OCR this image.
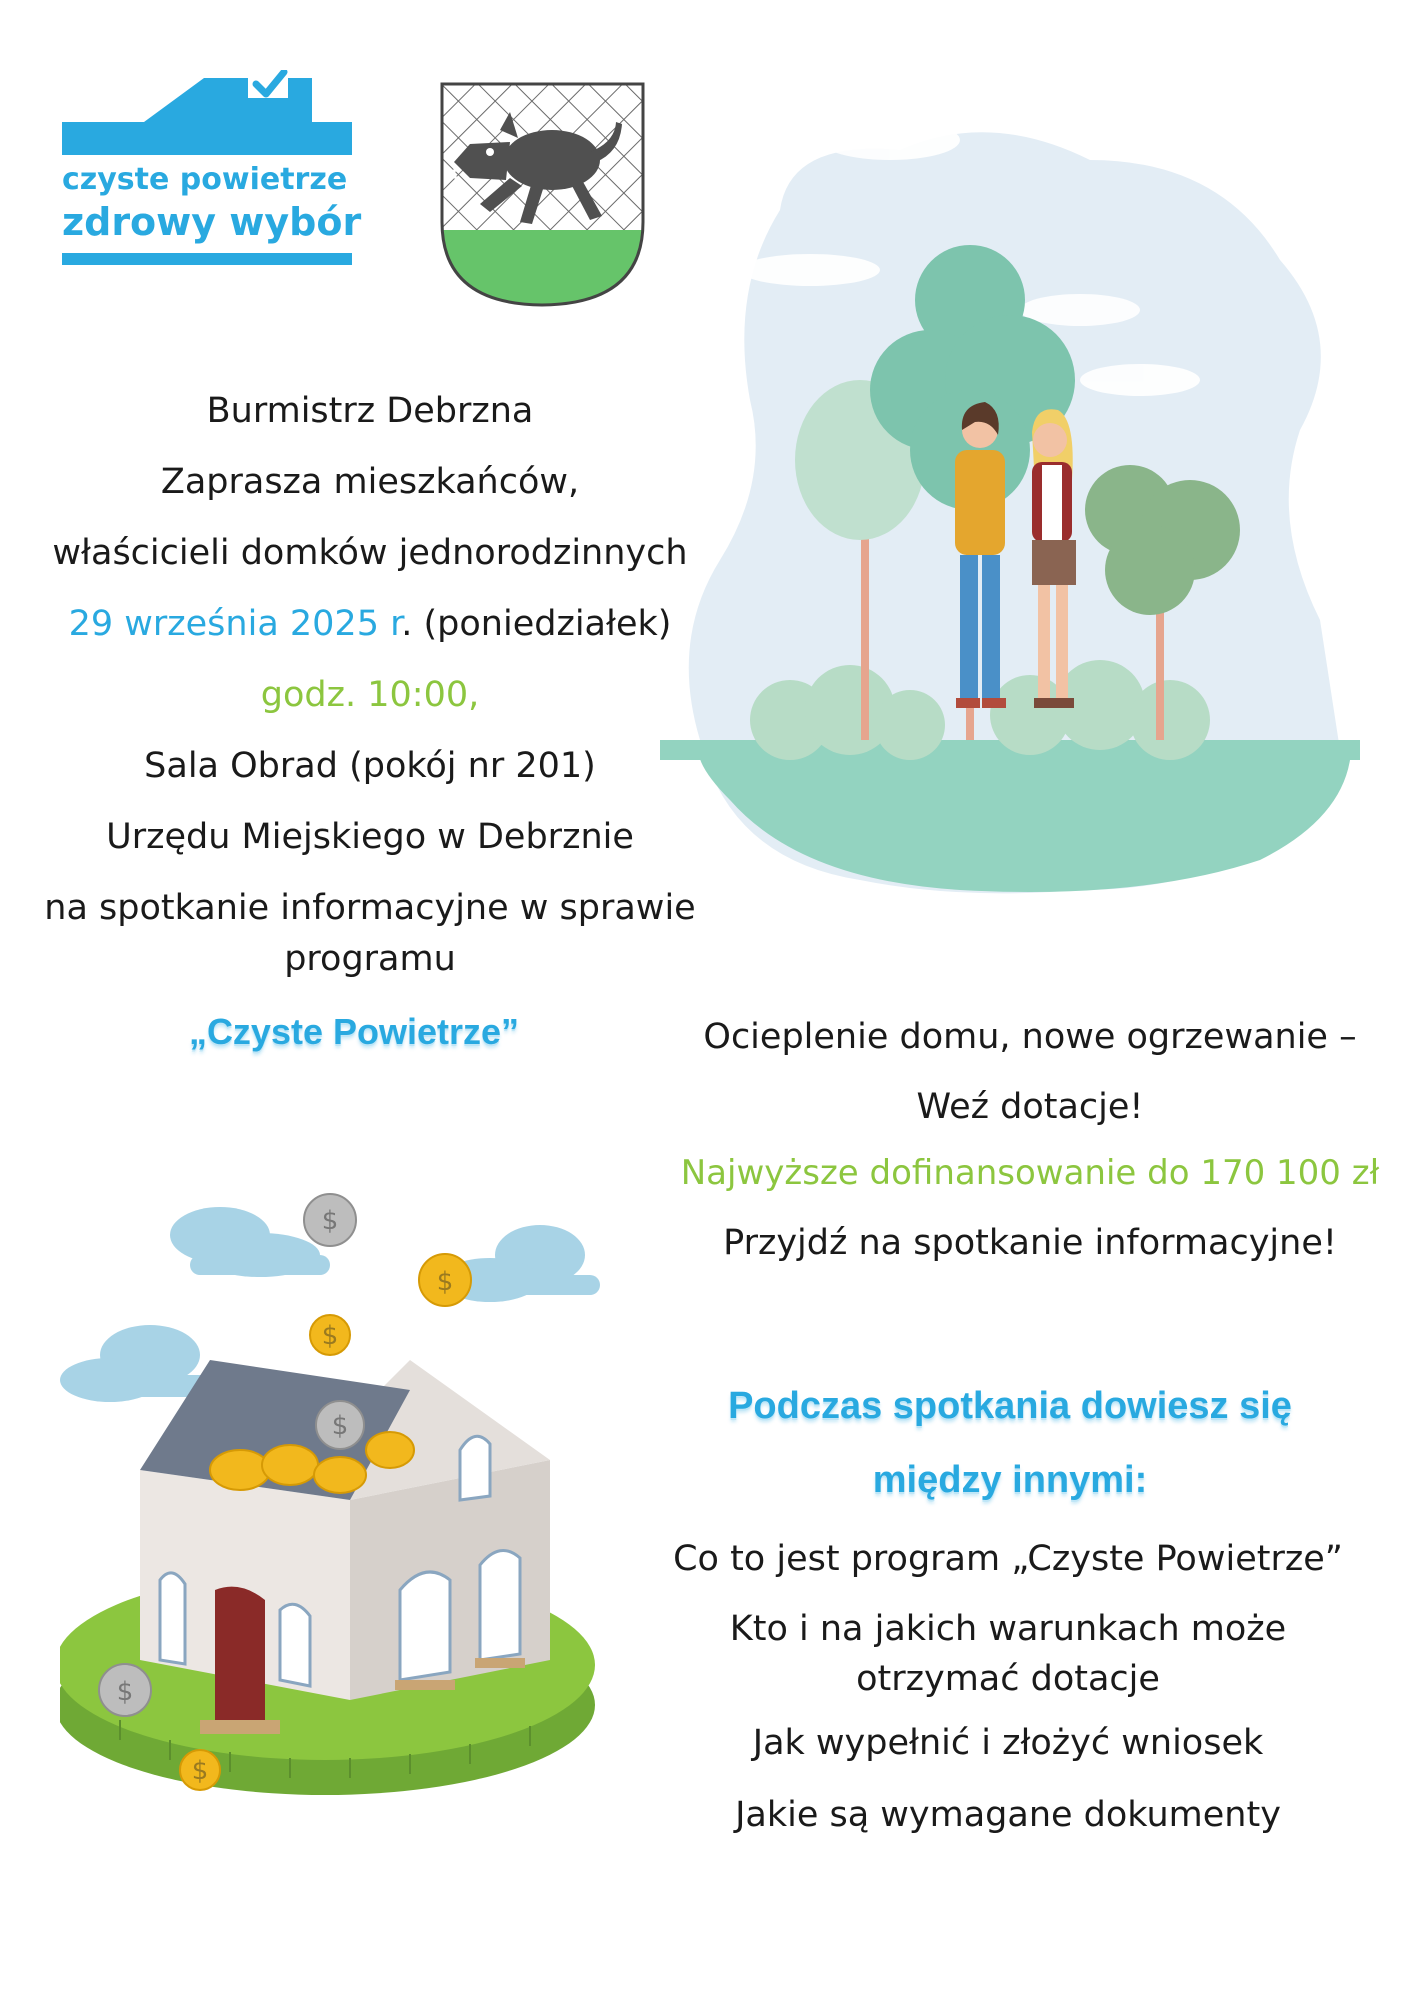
czyste powietrze
zdrowy wybór
Burmistrz Debrzna
Zaprasza mieszkańców,
właścicieli domków jednorodzinnych
29 września 2025 r. (poniedziałek)
godz. 10:00,
Sala Obrad (pokój nr 201)
Urzędu Miejskiego w Debrznie
na spotkanie informacyjne w sprawie
programu
„Czyste Powietrze”	Ocieplenie domu, nowe ogrzewanie –
Weź dotacje!
Najwyższe dofinansowanie do 170 100 zł
Przyjdź na spotkanie informacyjne!
Podczas spotkania dowiesz się
między innymi:
Co to jest program „Czyste Powietrze”
Kto i na jakich warunkach może
otrzymać dotacje
Jak wypełnić i złożyć wniosek
Jakie są wymagane dokumenty
$
$
$
$
$
$
